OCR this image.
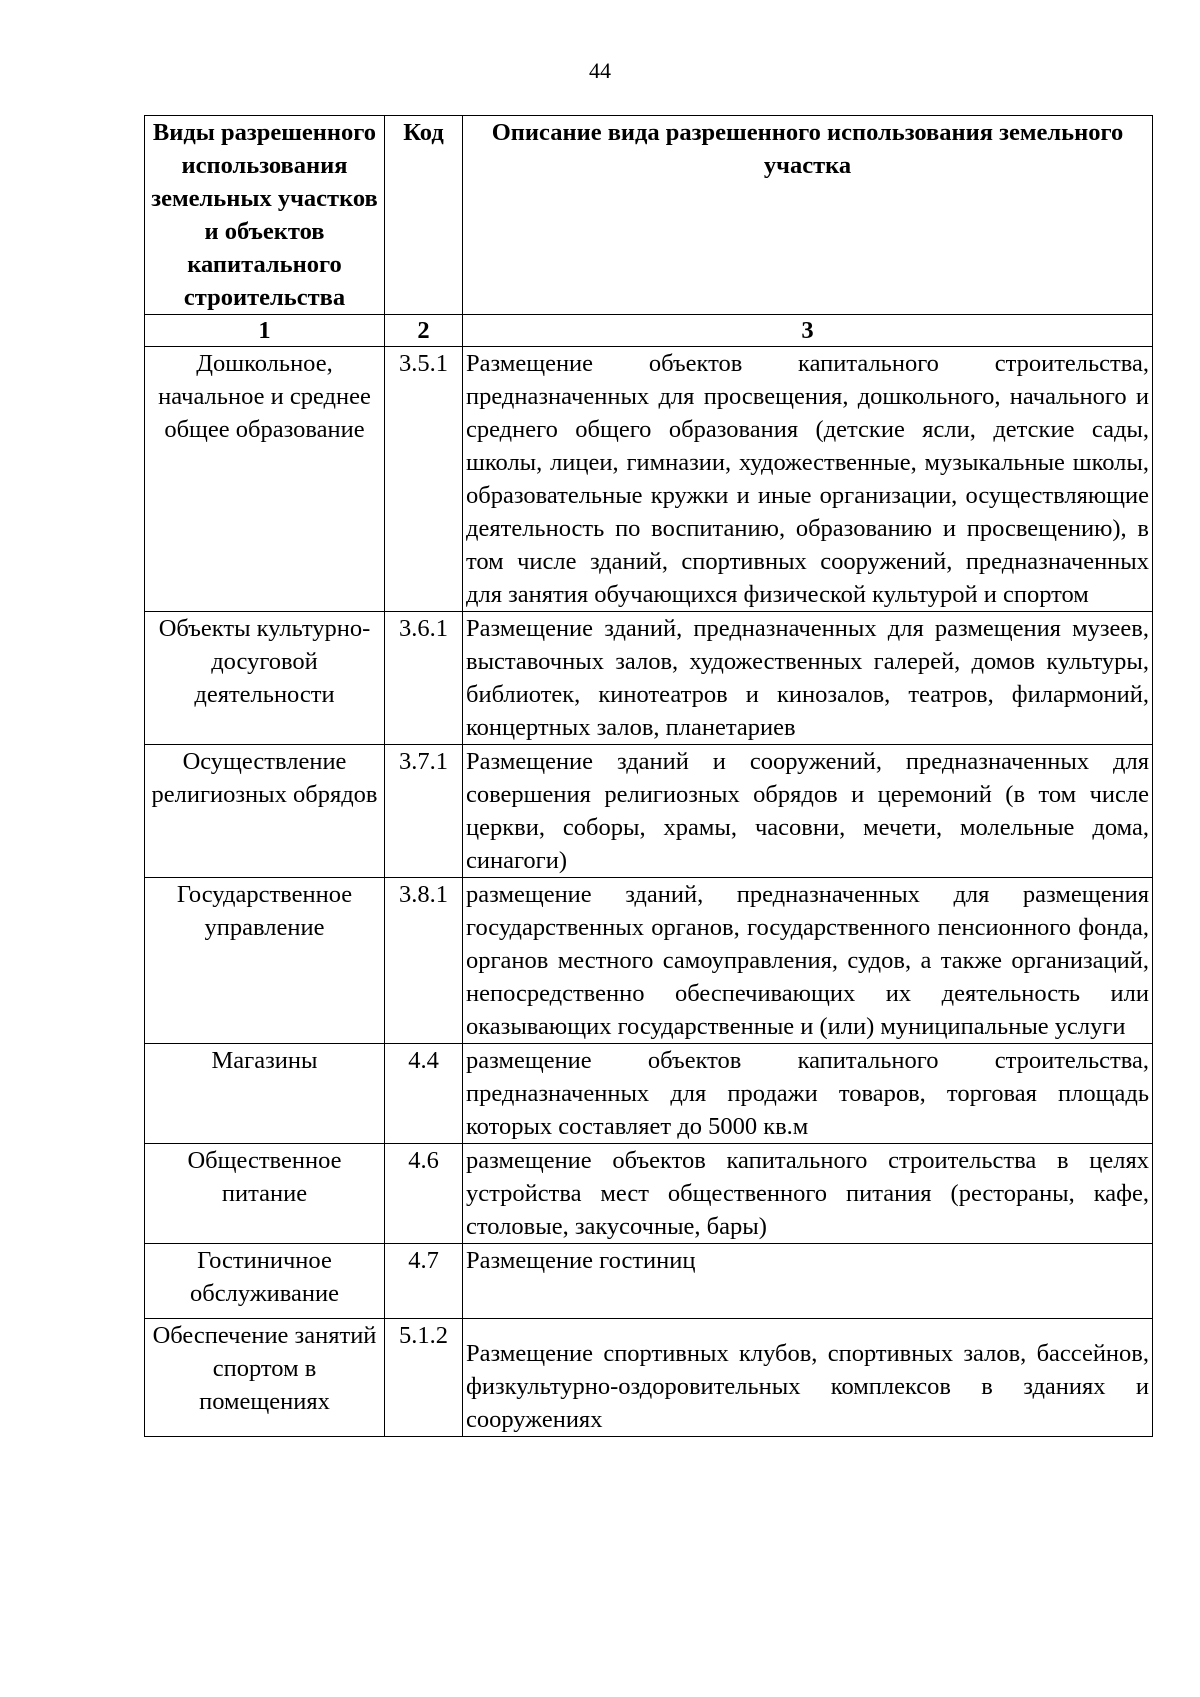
44
Виды разрешенного использования земельных участков и объектов капитального строительства	Код	Описание вида разрешенного использования земельного участка
1	2	3
Дошкольное, начальное и среднее общее образование	3.5.1	Размещение объектов капитального строительства, предназначенных для просвещения, дошкольного, начального и среднего общего образования (детские ясли, детские сады, школы, лицеи, гимназии, художественные, музыкальные школы, образовательные кружки и иные организации, осуществляющие деятельность по воспитанию, образованию и просвещению), в том числе зданий, спортивных сооружений, предназначенных для занятия обучающихся физической культурой и спортом
Объекты культурно-досуговой деятельности	3.6.1	Размещение зданий, предназначенных для размещения музеев, выставочных залов, художественных галерей, домов культуры, библиотек, кинотеатров и кинозалов, театров, филармоний, концертных залов, планетариев
Осуществление религиозных обрядов	3.7.1	Размещение зданий и сооружений, предназначенных для совершения религиозных обрядов и церемоний (в том числе церкви, соборы, храмы, часовни, мечети, молельные дома, синагоги)
Государственное управление	3.8.1	размещение зданий, предназначенных для размещения государственных органов, государственного пенсионного фонда, органов местного самоуправления, судов, а также организаций, непосредственно обеспечивающих их деятельность или оказывающих государственные и (или) муниципальные услуги
Магазины	4.4	размещение объектов капитального строительства, предназначенных для продажи товаров, торговая площадь которых составляет до 5000 кв.м
Общественное питание	4.6	размещение объектов капитального строительства в целях устройства мест общественного питания (рестораны, кафе, столовые, закусочные, бары)
Гостиничное обслуживание	4.7	Размещение гостиниц
Обеспечение занятий спортом в помещениях	5.1.2	Размещение спортивных клубов, спортивных залов, бассейнов, физкультурно-оздоровительных комплексов в зданиях и сооружениях
